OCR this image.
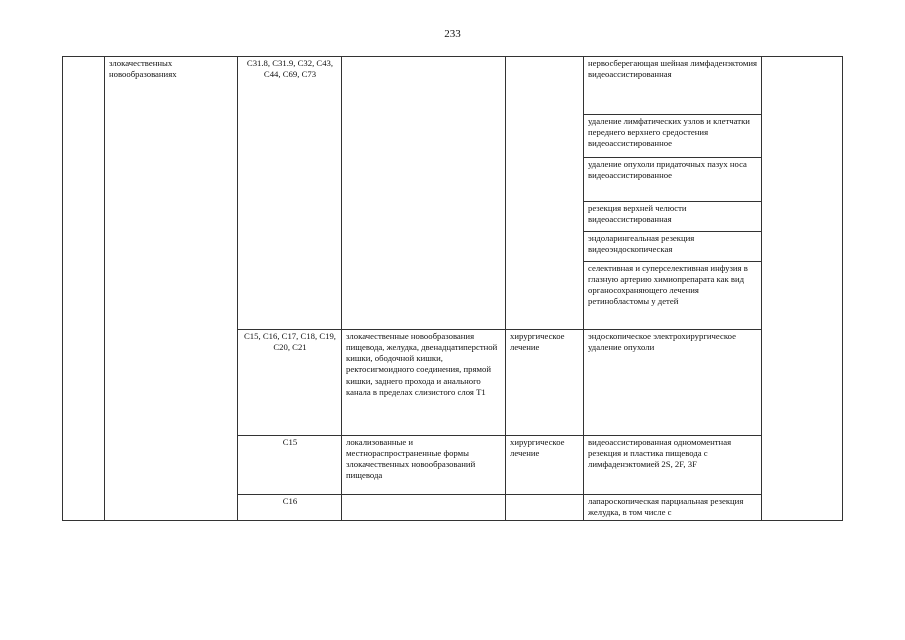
233
	злокачественных новообразованиях	C31.8, C31.9, C32, C43, C44, C69, C73			нервосберегающая шейная лимфаденэктомия видеоассистированная	
					удаление лимфатических узлов и клетчатки переднего верхнего средостения видеоассистированное	
					удаление опухоли придаточных пазух носа видеоассистированное	
					резекция верхней челюсти видеоассистированная	
					эндоларингеальная резекция видеоэндоскопическая	
					селективная и суперселективная инфузия в глазную артерию химиопрепарата как вид органосохраняющего лечения ретинобластомы у детей	
		C15, C16, C17, C18, C19, C20, C21	злокачественные новообразования пищевода, желудка, двенадцатиперстной кишки, ободочной кишки, ректосигмоидного соединения, прямой кишки, заднего прохода и анального канала в пределах слизистого слоя T1	хирургическое лечение	эндоскопическое электрохирургическое удаление опухоли	
		C15	локализованные и местнораспространенные формы злокачественных новообразований пищевода	хирургическое лечение	видеоассистированная одномоментная резекция и пластика пищевода с лимфаденэктомией 2S, 2F, 3F	
		C16			лапароскопическая парциальная резекция желудка, в том числе с	
